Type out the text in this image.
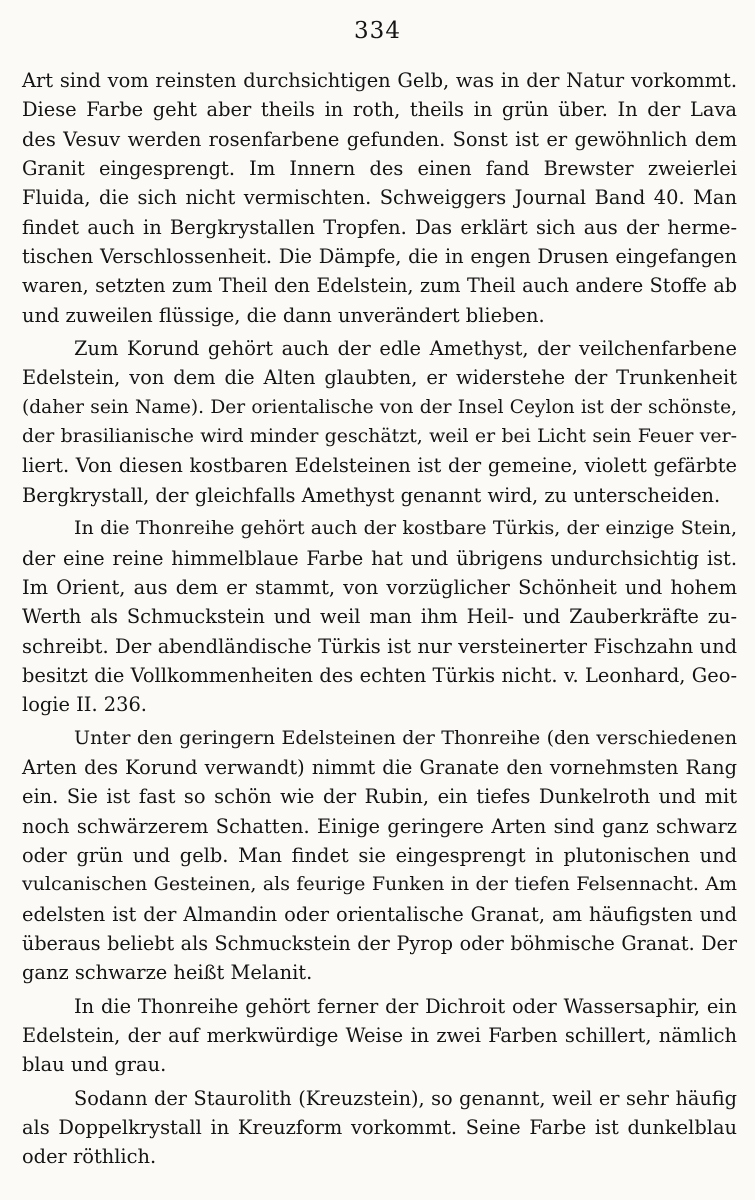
334
Art sind vom reinsten durchsichtigen Gelb, was in der Natur vorkommt.
Diese Farbe geht aber theils in roth, theils in grün über. In der Lava
des Vesuv werden rosenfarbene gefunden. Sonst ist er gewöhnlich dem
Granit eingesprengt. Im Innern des einen fand Brewster zweierlei
Fluida, die sich nicht vermischten. Schweiggers Journal Band 40. Man
findet auch in Bergkrystallen Tropfen. Das erklärt sich aus der herme-
tischen Verschlossenheit. Die Dämpfe, die in engen Drusen eingefangen
waren, setzten zum Theil den Edelstein, zum Theil auch andere Stoffe ab
und zuweilen flüssige, die dann unverändert blieben.
Zum Korund gehört auch der edle Amethyst, der veilchenfarbene
Edelstein, von dem die Alten glaubten, er widerstehe der Trunkenheit
(daher sein Name). Der orientalische von der Insel Ceylon ist der schönste,
der brasilianische wird minder geschätzt, weil er bei Licht sein Feuer ver-
liert. Von diesen kostbaren Edelsteinen ist der gemeine, violett gefärbte
Bergkrystall, der gleichfalls Amethyst genannt wird, zu unterscheiden.
In die Thonreihe gehört auch der kostbare Türkis, der einzige Stein,
der eine reine himmelblaue Farbe hat und übrigens undurchsichtig ist.
Im Orient, aus dem er stammt, von vorzüglicher Schönheit und hohem
Werth als Schmuckstein und weil man ihm Heil- und Zauberkräfte zu-
schreibt. Der abendländische Türkis ist nur versteinerter Fischzahn und
besitzt die Vollkommenheiten des echten Türkis nicht. v. Leonhard, Geo-
logie II. 236.
Unter den geringern Edelsteinen der Thonreihe (den verschiedenen
Arten des Korund verwandt) nimmt die Granate den vornehmsten Rang
ein. Sie ist fast so schön wie der Rubin, ein tiefes Dunkelroth und mit
noch schwärzerem Schatten. Einige geringere Arten sind ganz schwarz
oder grün und gelb. Man findet sie eingesprengt in plutonischen und
vulcanischen Gesteinen, als feurige Funken in der tiefen Felsennacht. Am
edelsten ist der Almandin oder orientalische Granat, am häufigsten und
überaus beliebt als Schmuckstein der Pyrop oder böhmische Granat. Der
ganz schwarze heißt Melanit.
In die Thonreihe gehört ferner der Dichroit oder Wassersaphir, ein
Edelstein, der auf merkwürdige Weise in zwei Farben schillert, nämlich
blau und grau.
Sodann der Staurolith (Kreuzstein), so genannt, weil er sehr häufig
als Doppelkrystall in Kreuzform vorkommt. Seine Farbe ist dunkelblau
oder röthlich.
